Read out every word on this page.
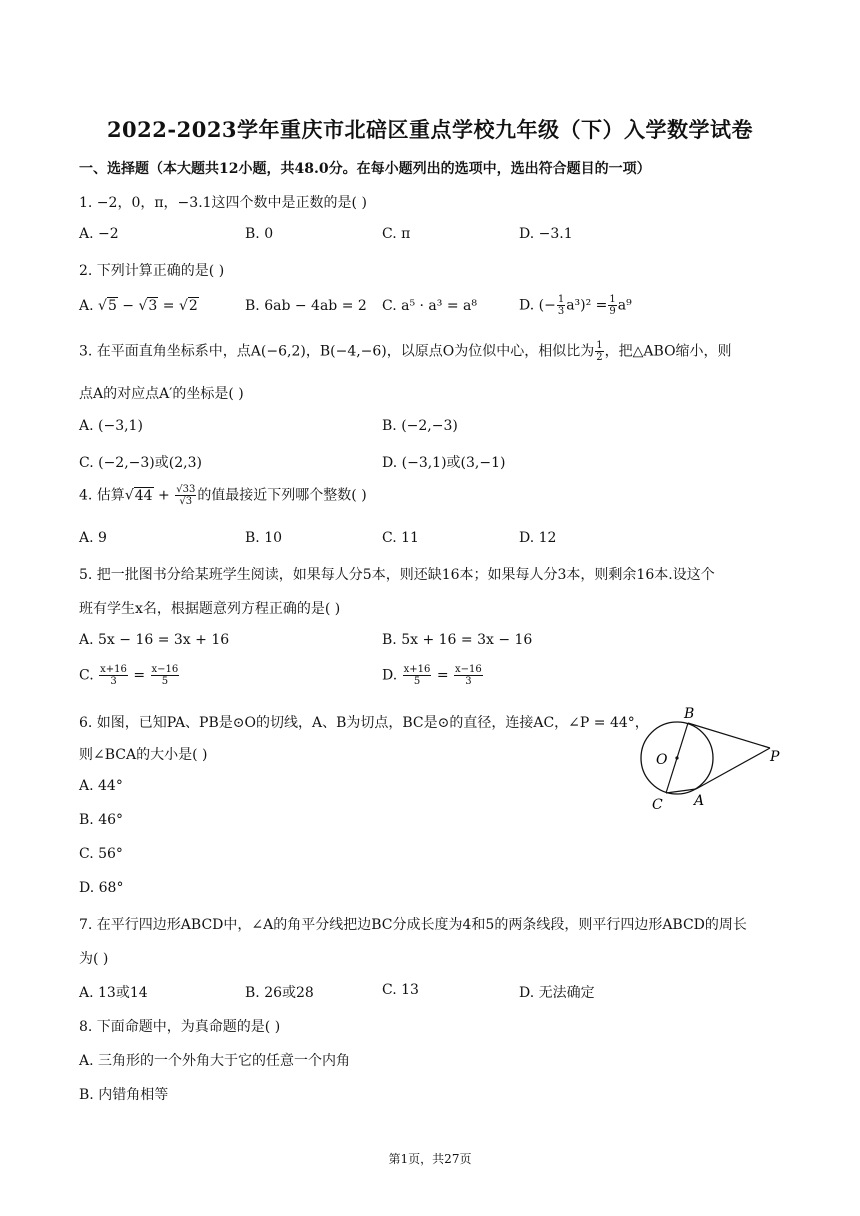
2022-2023学年重庆市北碚区重点学校九年级（下）入学数学试卷
一、选择题（本大题共12小题，共48.0分。在每小题列出的选项中，选出符合题目的一项）
1. −2，0，π，−3.1这四个数中是正数的是( )
A. −2	B. 0	C. π	D. −3.1
2. 下列计算正确的是( )
A. √5 − √3 = √2	B. 6ab − 4ab = 2 C. a⁵ · a³ = a⁸	D. (− $\frac{1}{3} a^3)^2 = \frac{1}{9} a^9$
3. 在平面直角坐标系中，点A(−6,2)，B(−4,−6)，以原点O为位似中心，相似比为 $\frac{1}{2}$ ，把△ABO缩小，则
点A的对应点A′的坐标是( )
A. (−3,1)	B. (−2,−3)
C. (−2,−3)或(2,3)	D. (−3,1)或(3,−1)
4. 估算$√44 + \frac{√33}{√3}$ 的值最接近下列哪个整数( )
A. 9	B. 10	C. 11	D. 12
5. 把一批图书分给某班学生阅读，如果每人分5本，则还缺16本；如果每人分3本，则剩余16本.设这个
班有学生x名，根据题意列方程正确的是( )
A. 5x − 16 = 3x + 16	B. 5x + 16 = 3x − 16
C. $\frac{x+16}{3} = \frac{x-16}{5}$	D. $\frac{x+16}{5} = \frac{x-16}{3}$
6. 如图，已知PA、PB是⊙O的切线，A、B为切点，BC是⊙的直径，连接AC，∠P = 44°，
则∠BCA的大小是( )
A. 44°
B. 46°
C. 56°
D. 68°
B
O	P
C A
7. 在平行四边形ABCD中，∠A的角平分线把边BC分成长度为4和5的两条线段，则平行四边形ABCD的周长
为( )
A. 13或14	B. 26或28	C. 13	D. 无法确定
8. 下面命题中，为真命题的是( )
A. 三角形的一个外角大于它的任意一个内角
B. 内错角相等
第1页，共27页
